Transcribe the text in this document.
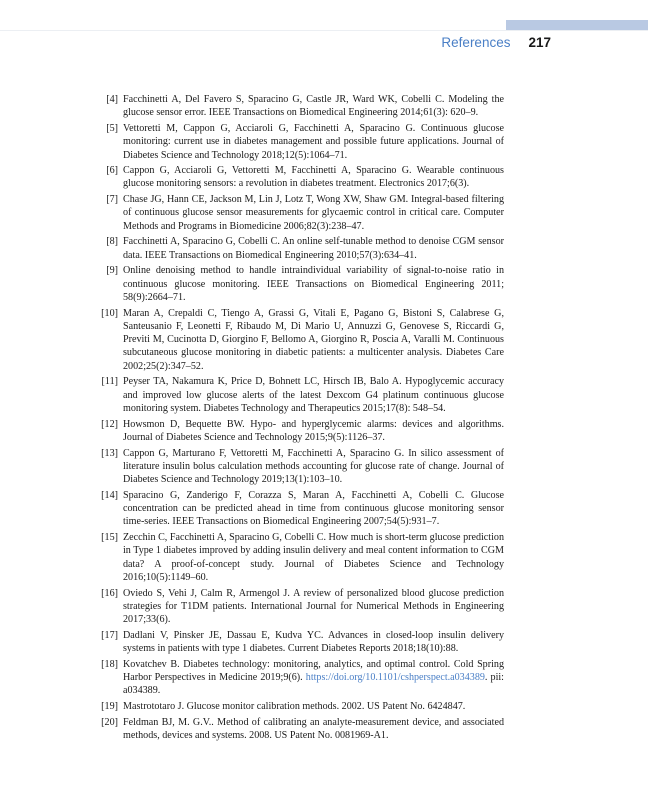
References 217
[4] Facchinetti A, Del Favero S, Sparacino G, Castle JR, Ward WK, Cobelli C. Modeling the glucose sensor error. IEEE Transactions on Biomedical Engineering 2014;61(3): 620–9.
[5] Vettoretti M, Cappon G, Acciaroli G, Facchinetti A, Sparacino G. Continuous glucose monitoring: current use in diabetes management and possible future applications. Journal of Diabetes Science and Technology 2018;12(5):1064–71.
[6] Cappon G, Acciaroli G, Vettoretti M, Facchinetti A, Sparacino G. Wearable continuous glucose monitoring sensors: a revolution in diabetes treatment. Electronics 2017;6(3).
[7] Chase JG, Hann CE, Jackson M, Lin J, Lotz T, Wong XW, Shaw GM. Integral-based filtering of continuous glucose sensor measurements for glycaemic control in critical care. Computer Methods and Programs in Biomedicine 2006;82(3):238–47.
[8] Facchinetti A, Sparacino G, Cobelli C. An online self-tunable method to denoise CGM sensor data. IEEE Transactions on Biomedical Engineering 2010;57(3):634–41.
[9] Online denoising method to handle intraindividual variability of signal-to-noise ratio in continuous glucose monitoring. IEEE Transactions on Biomedical Engineering 2011; 58(9):2664–71.
[10] Maran A, Crepaldi C, Tiengo A, Grassi G, Vitali E, Pagano G, Bistoni S, Calabrese G, Santeusanio F, Leonetti F, Ribaudo M, Di Mario U, Annuzzi G, Genovese S, Riccardi G, Previti M, Cucinotta D, Giorgino F, Bellomo A, Giorgino R, Poscia A, Varalli M. Continuous subcutaneous glucose monitoring in diabetic patients: a multicenter analysis. Diabetes Care 2002;25(2):347–52.
[11] Peyser TA, Nakamura K, Price D, Bohnett LC, Hirsch IB, Balo A. Hypoglycemic accuracy and improved low glucose alerts of the latest Dexcom G4 platinum continuous glucose monitoring system. Diabetes Technology and Therapeutics 2015;17(8): 548–54.
[12] Howsmon D, Bequette BW. Hypo- and hyperglycemic alarms: devices and algorithms. Journal of Diabetes Science and Technology 2015;9(5):1126–37.
[13] Cappon G, Marturano F, Vettoretti M, Facchinetti A, Sparacino G. In silico assessment of literature insulin bolus calculation methods accounting for glucose rate of change. Journal of Diabetes Science and Technology 2019;13(1):103–10.
[14] Sparacino G, Zanderigo F, Corazza S, Maran A, Facchinetti A, Cobelli C. Glucose concentration can be predicted ahead in time from continuous glucose monitoring sensor time-series. IEEE Transactions on Biomedical Engineering 2007;54(5):931–7.
[15] Zecchin C, Facchinetti A, Sparacino G, Cobelli C. How much is short-term glucose prediction in Type 1 diabetes improved by adding insulin delivery and meal content information to CGM data? A proof-of-concept study. Journal of Diabetes Science and Technology 2016;10(5):1149–60.
[16] Oviedo S, Vehi J, Calm R, Armengol J. A review of personalized blood glucose prediction strategies for T1DM patients. International Journal for Numerical Methods in Engineering 2017;33(6).
[17] Dadlani V, Pinsker JE, Dassau E, Kudva YC. Advances in closed-loop insulin delivery systems in patients with type 1 diabetes. Current Diabetes Reports 2018;18(10):88.
[18] Kovatchev B. Diabetes technology: monitoring, analytics, and optimal control. Cold Spring Harbor Perspectives in Medicine 2019;9(6). https://doi.org/10.1101/cshperspect.a034389. pii: a034389.
[19] Mastrototaro J. Glucose monitor calibration methods. 2002. US Patent No. 6424847.
[20] Feldman BJ, M. G.V.. Method of calibrating an analyte-measurement device, and associated methods, devices and systems. 2008. US Patent No. 0081969-A1.
